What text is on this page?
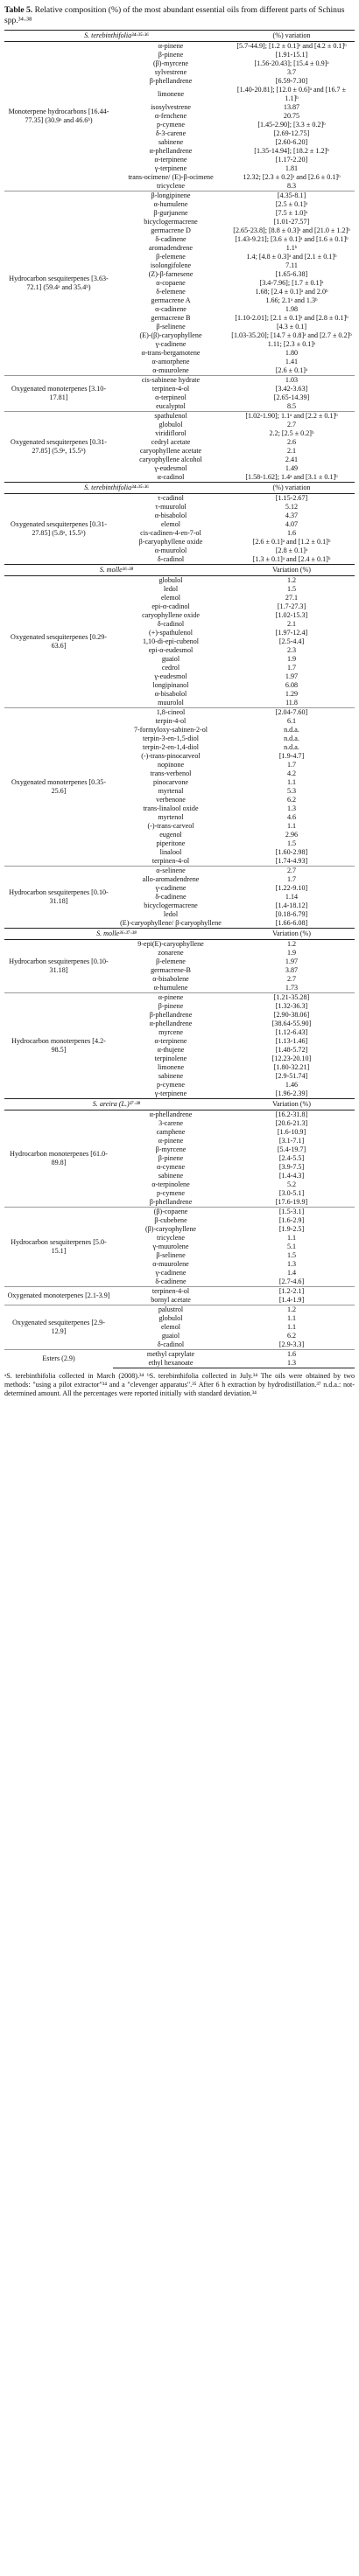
Table 5. Relative composition (%) of the most abundant essential oils from different parts of Schinus spp.³⁴·³⁸

S. terebinthifolia³⁴·³⁵·³⁶		(%) variation
Monoterpene hydrocarbons [16.44-77.35] (30.9ᵃ and 46.6ᵇ)	α-pinene	[5.7-44.9]; [1.2 ± 0.1]ᵃ and [4.2 ± 0.1]ᵇ
	β-pinene	[1.91-15.1]
	(β)-myrcene	[1.56-20.43]; [15.4 ± 0.9]ᵃ
	sylvestrene	3.7
	β-phellandrene	[6.59-7.30]
	limonene	[1.40-20.81]; [12.0 ± 0.6]ᵃ and [16.7 ± 1.1]ᵇ
	isosylvestrene	13.87
	α-fenchene	20.75
	p-cymene	[1.45-2.90]; [3.3 ± 0.2]ᵇ
	δ-3-carene	[2.69-12.75]
	sabinene	[2.60-6.20]
	α-phellandrene	[1.35-14.94]; [18.2 ± 1.2]ᵇ
	α-terpinene	[1.17-2.20]
	γ-terpinene	1.81
	trans-ocimene/ (E)-β-ocimene	12.32; [2.3 ± 0.2]ᵃ and [2.6 ± 0.1]ᵇ
	tricyclene	8.3
Hydrocarbon sesquiterpenes [3.63-72.1] (59.4ᵃ and 35.4ᵇ)	β-longipinene	[4.35-8.1]
	α-humulene	[2.5 ± 0.1]ᵃ
	β-gurjunene	[7.5 ± 1.0]ᵃ
	bicyclogermacrene	[1.01-27.57]
	germacrene D	[2.65-23.8]; [8.8 ± 0.3]ᵃ and [21.0 ± 1.2]ᵇ
	δ-cadinene	[1.43-9.21]; [3.6 ± 0.1]ᵃ and [1.6 ± 0.1]ᵇ
	aromadendrene	1.1ᵇ
	β-elemene	1.4; [4.8 ± 0.3]ᵃ and [2.1 ± 0.1]ᵇ
	isolongifolene	7.11
	(Z)-β-farnesene	[1.65-6.38]
	α-copaene	[3.4-7.96]; [1.7 ± 0.1]ᵃ
	δ-elemene	1.68; [2.4 ± 0.1]ᵃ and 2.0ᵇ
	germacrene A	1.66; 2.1ᵃ and 1.3ᵇ
	α-cadinene	1.98
	germacrene B	[1.10-2.01]; [2.1 ± 0.1]ᵃ and [2.8 ± 0.1]ᵇ
	β-selinene	[4.3 ± 0.1]
	(E)-(β)-caryophyllene	[1.03-35.20]; [14.7 ± 0.8]ᵃ and [2.7 ± 0.2]ᵇ
	γ-cadinene	1.11; [2.3 ± 0.1]ᵃ
	α-trans-bergamotene	1.80
	α-amorphene	1.41
	α-muurolene	[2.6 ± 0.1]ᵃ
Oxygenated monoterpenes [3.10-17.81]	cis-sabinene hydrate	1.03
	terpinen-4-ol	[3.42-3.63]
	α-terpineol	[2.65-14.39]
	eucalyptol	8.5
Oxygenated sesquiterpenes [0.31-27.85] (5.9ᵃ, 15.5ᵇ)	spathulenol	[1.02-1.90]; 1.1ᵃ and [2.2 ± 0.1]ᵇ
	globulol	2.7
	viridiflorol	2.2; [2.5 ± 0.2]ᵇ
	cedryl acetate	2.6
	caryophyllene acetate	2.1
	caryophyllene alcohol	2.41
	γ-eudesmol	1.49
	α-cadinol	[1.58-1.62]; 1.4ᵃ and [3.1 ± 0.1]ᵇ
S. terebinthifolia³⁴·³⁵·³⁶		(%) variation
Oxygenated sesquiterpenes [0.31-27.85] (5.8ᵃ, 15.5ᵇ)	τ-cadinol	[1.15-2.67]
	τ-muurolol	5.12
	α-bisabolol	4.37
	elemol	4.07
	cis-cadinen-4-en-7-ol	1.6
	β-caryophyllene oxide	[2.6 ± 0.1]ᵃ and [1.2 ± 0.1]ᵇ
	α-muurolol	[2.8 ± 0.1]ᵃ
	δ-cadinol	[1.3 ± 0.1]ᵃ and [2.4 ± 0.1]ᵇ
S. molle³⁶·³⁸		Variation (%)
Oxygenated sesquiterpenes [0.29-63.6]	globulol	1.2
	ledol	1.5
	elemol	27.1
	epi-α-cadinol	[1.7-27.3]
	caryophyllene oxide	[1.02-15.3]
	δ-cadinol	2.1
	(+)-spathulenol	[1.97-12.4]
	1,10-di-epi-cubenol	[2.5-4.4]
	epi-α-eudesmol	2.3
	guaiol	1.9
	cedrol	1.7
	γ-eudesmol	1.97
	longipinanol	6.08
	α-bisabolol	1.29
	muurolol	11.8
Oxygenated monoterpenes [0.35-25.6]	1,8-cineol	[2.04-7.60]
	terpin-4-ol	6.1
	7-formyloxy-sabinen-2-ol	n.d.a.
	terpin-3-en-1,5-diol	n.d.a.
	terpin-2-en-1,4-diol	n.d.a.
	(-)-trans-pinocarveol	[1.9-4.7]
	nopinone	1.7
	trans-verbenol	4.2
	pinocarvone	1.1
	myrtenal	5.3
	verbenone	6.2
	trans-linalool oxide	1.3
	myrtenol	4.6
	(-)-trans-carveol	1.1
	eugenol	2.96
	piperitone	1.5
	linalool	[1.60-2.98]
	terpinen-4-ol	[1.74-4.93]
Hydrocarbon sesquiterpenes [0.10-31.18]	α-selinene	2.7
	allo-aromadendrene	1.7
	γ-cadinene	[1.22-9.10]
	δ-cadinene	1.14
	bicyclogermacrene	[1.4-18.12]
	ledol	[0.18-6.79]
	(E)-caryophyllene/ β-caryophyllene	[1.66-6.08]
S. molle³⁶·³⁷·³⁸		Variation (%)
Hydrocarbon sesquiterpenes [0.10-31.18]	9-epi(E)-caryophyllene	1.2
	zonarene	1.9
	β-elemene	1.97
	germacrene-B	3.87
	α-bisabolene	2.7
	α-humulene	1.73
Hydrocarbon monoterpenes [4.2-98.5]	α-pinene	[1.21-35.28]
	β-pinene	[1.32-36.3]
	β-phellandrene	[2.90-38.06]
	α-phellandrene	[38.64-55.90]
	myrcene	[1.12-6.43]
	α-terpinene	[1.13-1.46]
	α-thujene	[1.48-5.72]
	terpinolene	[12.23-20.10]
	limonene	[1.80-32.21]
	sabinene	[2.9-51.74]
	p-cymene	1.46
	γ-terpinene	[1.96-2.39]
S. areira (L.)³⁷·³⁸		Variation (%)
Hydrocarbon monoterpenes [61.0-89.8]	α-phellandrene	[16.2-31.8]
	3-carene	[20.6-21.3]
	camphene	[1.6-10.9]
	α-pinene	[3.1-7.1]
	β-myrcene	[5.4-19.7]
	β-pinene	[2.4-5.5]
	α-cymene	[3.9-7.5]
	sabinene	[1.4-4.3]
	α-terpinolene	5.2
	p-cymene	[3.0-5.1]
	β-phellandrene	[17.6-19.9]
Hydrocarbon sesquiterpenes [5.0-15.1]	(β)-copaene	[1.5-3.1]
	β-cubebene	[1.6-2.9]
	(β)-caryophyllene	[1.9-2.5]
	tricyclene	1.1
	γ-muurolene	5.1
	β-selinene	1.5
	α-muurolene	1.3
	γ-cadinene	1.4
	δ-cadinene	[2.7-4.6]
Oxygenated monoterpenes [2.1-3.9]	terpinen-4-ol	[1.2-2.1]
	bornyl acetate	[1.4-1.9]
Oxygenated sesquiterpenes [2.9-12.9]	palustrol	1.2
	globulol	1.1
	elemol	1.1
	guaiol	6.2
	δ-cadinol	[2.9-3.3]
Esters (2.9)	methyl caprylate	1.6
	ethyl hexanoate	1.3

ᵃS. terebinthifolia collected in March (2008).³⁴ ᵇS. terebinthifolia collected in July.³⁴ The oils were obtained by two methods: "using a pilot extractor"³⁴ and a "clevenger apparatus".³⁵ After 6 h extraction by hydrodistillation.³⁷ n.d.a.: not-determined amount. All the percentages were reported initially with standard deviation.³⁴
